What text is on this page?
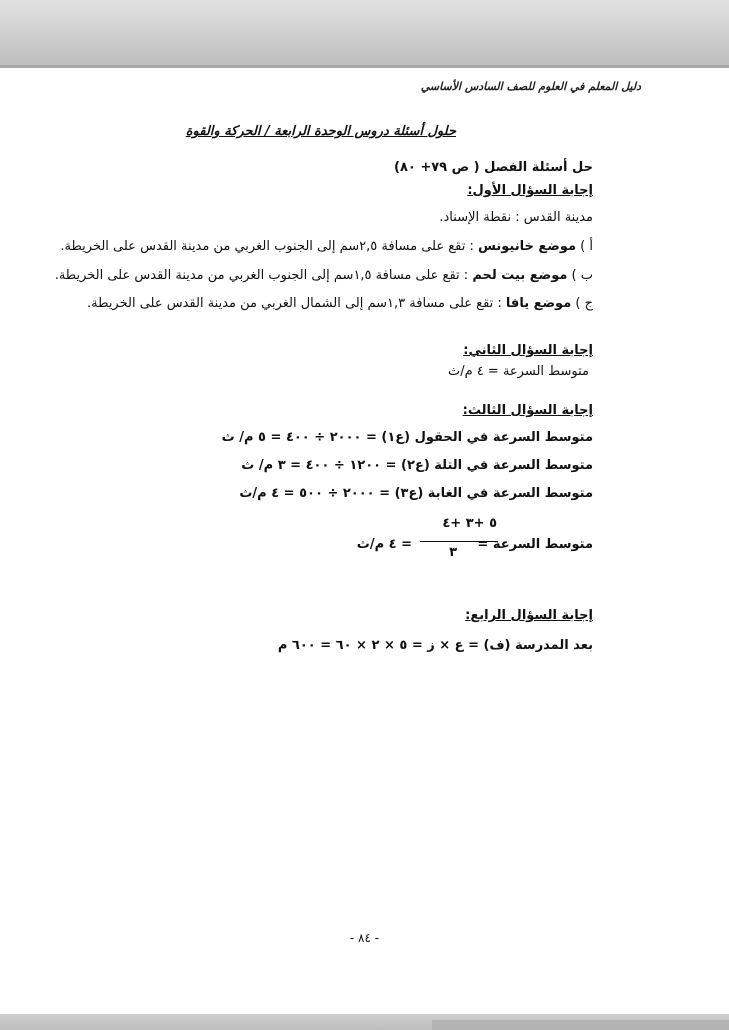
دليل المعلم في العلوم للصف السادس الأساسي
حلول أسئلة دروس الوحدة الرابعة / الحركة والقوة
حل أسئلة الفصل ( ص ٧٩+ ٨٠)
إجابة السؤال الأول:
مدينة القدس : نقطة الإسناد.
أ ) موضع خانيونس : تقع على مسافة ٢,٥سم إلى الجنوب الغربي من مدينة القدس على الخريطة.
ب ) موضع بيت لحم : تقع على مسافة ١,٥سم إلى الجنوب الغربي من مدينة القدس على الخريطة.
ج ) موضع يافا : تقع على مسافة ١,٣سم إلى الشمال الغربي من مدينة القدس على الخريطة.
إجابة السؤال الثاني:
متوسط السرعة = ٤ م/ث
إجابة السؤال الثالث:
متوسط السرعة في الحقول (ع١) = ٢٠٠٠ ÷ ٤٠٠ = ٥ م/ ث
متوسط السرعة في التلة (ع٢) = ١٢٠٠ ÷ ٤٠٠ = ٣ م/ ث
متوسط السرعة في الغابة (ع٣) = ٢٠٠٠ ÷ ٥٠٠ = ٤ م/ث
٥ +٣ +٤
متوسط السرعة =
٣
= ٤ م/ث
إجابة السؤال الرابع:
بعد المدرسة (ف) = ع × ز = ٥ × ٢ × ٦٠ = ٦٠٠ م
- ٨٤ -
